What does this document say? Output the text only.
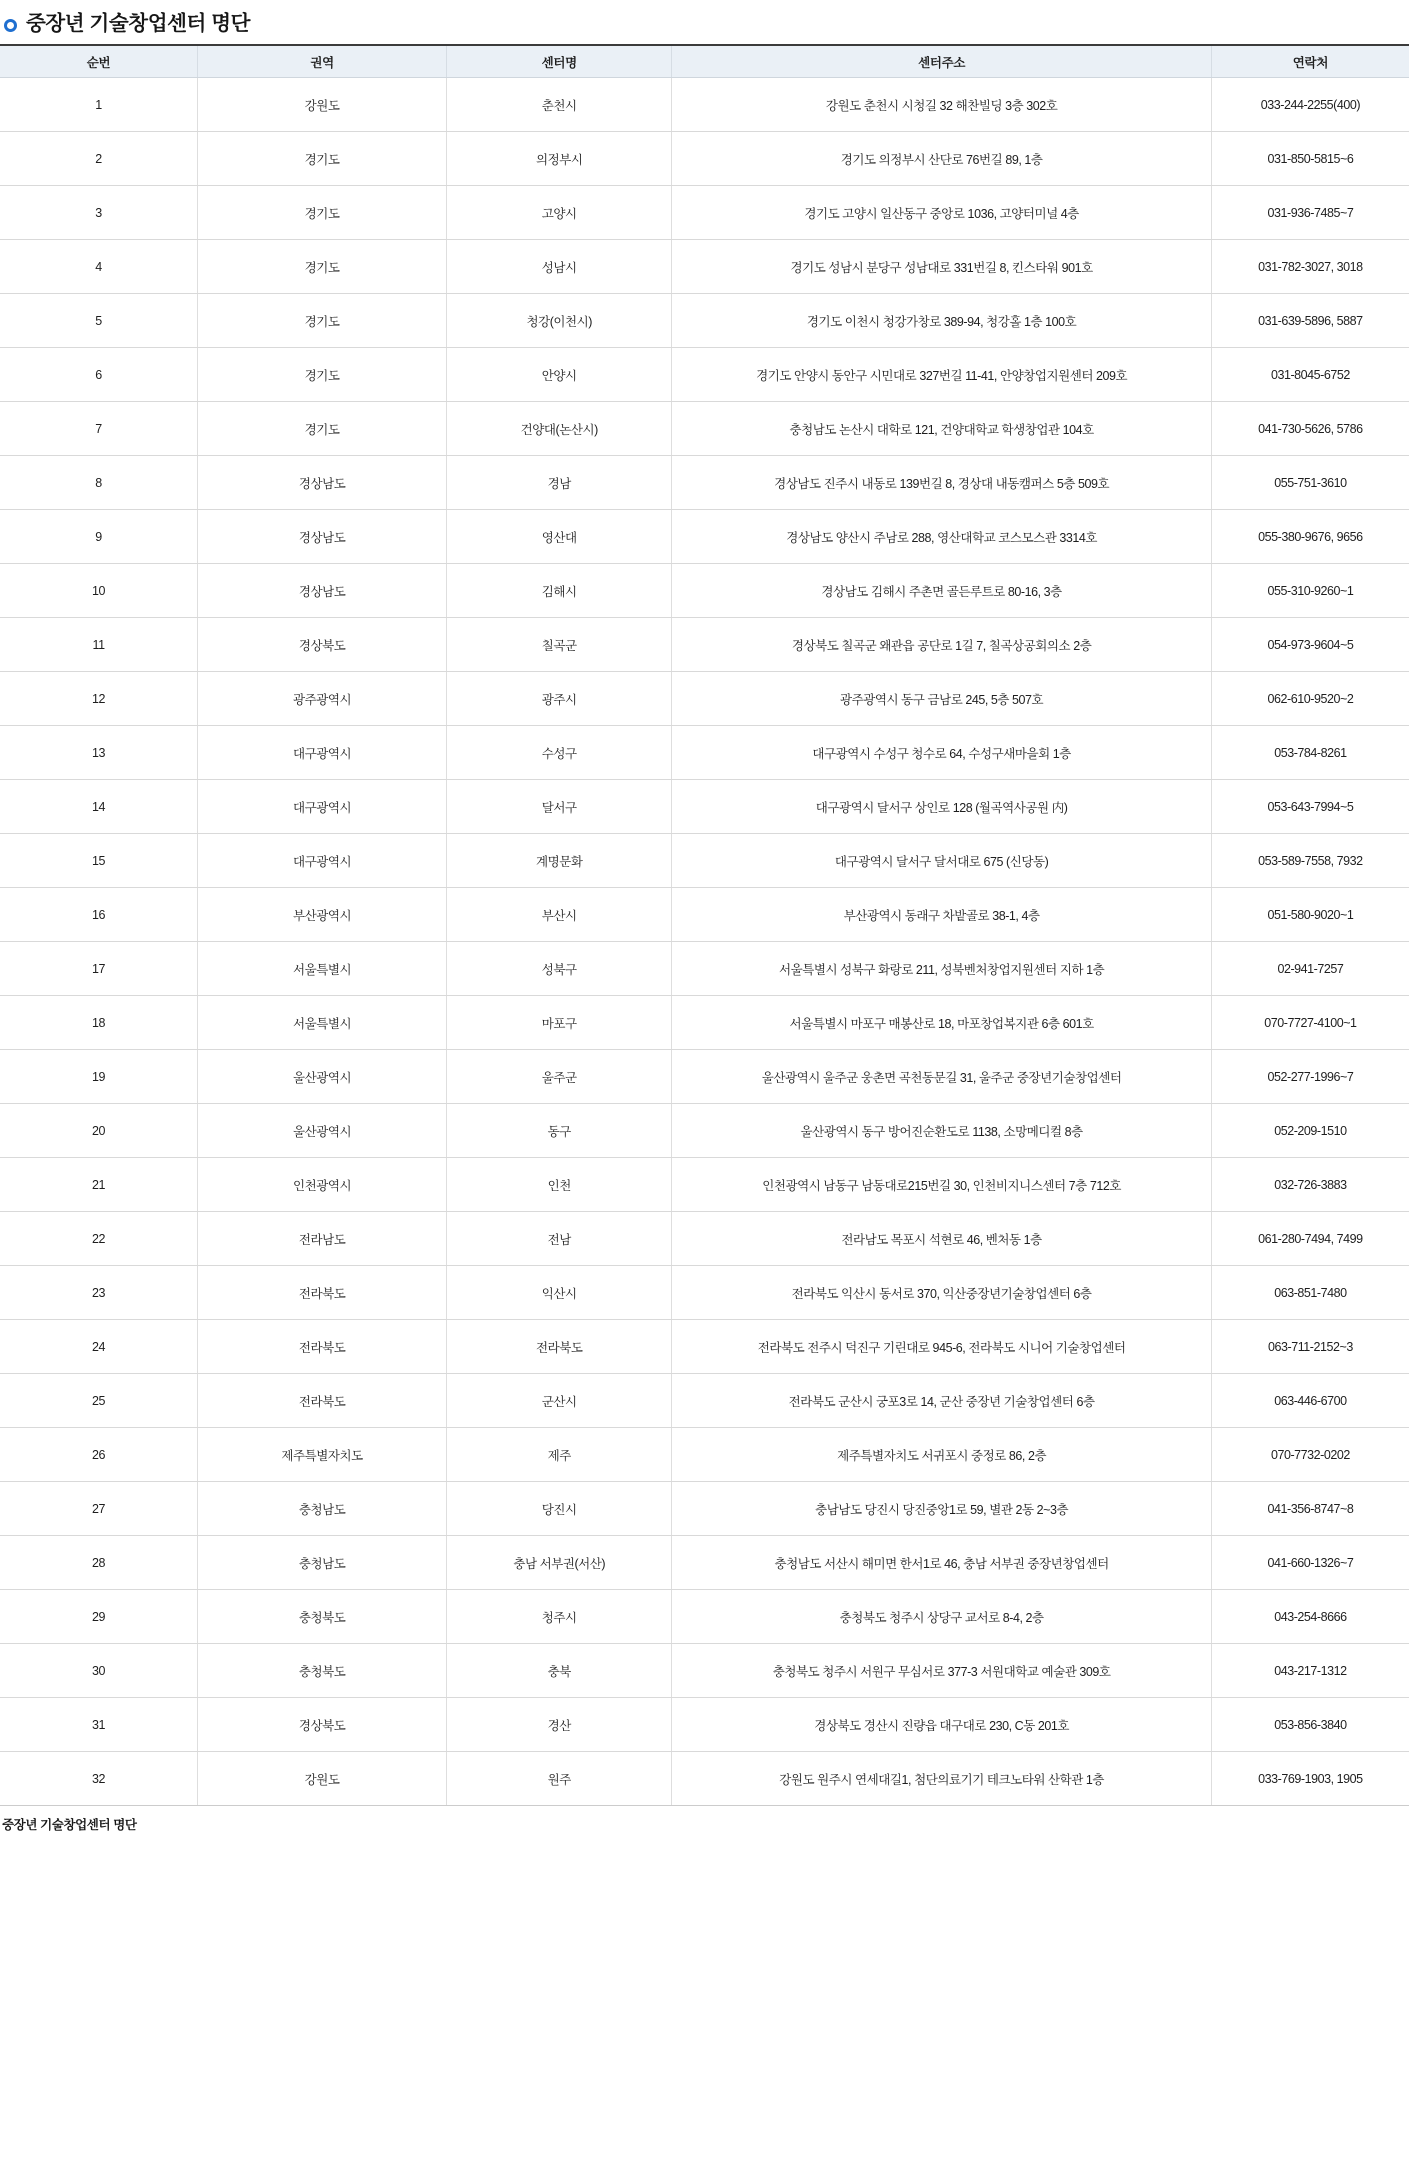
중장년 기술창업센터 명단
순번	권역	센터명	센터주소	연락처
1	강원도	춘천시	강원도 춘천시 시청길 32 해찬빌딩 3층 302호	033-244-2255(400)
2	경기도	의정부시	경기도 의정부시 산단로 76번길 89, 1층	031-850-5815~6
3	경기도	고양시	경기도 고양시 일산동구 중앙로 1036, 고양터미널 4층	031-936-7485~7
4	경기도	성남시	경기도 성남시 분당구 성남대로 331번길 8, 킨스타워 901호	031-782-3027, 3018
5	경기도	청강(이천시)	경기도 이천시 청강가창로 389-94, 청강홀 1층 100호	031-639-5896, 5887
6	경기도	안양시	경기도 안양시 동안구 시민대로 327번길 11-41, 안양창업지원센터 209호	031-8045-6752
7	경기도	건양대(논산시)	충청남도 논산시 대학로 121, 건양대학교 학생창업관 104호	041-730-5626, 5786
8	경상남도	경남	경상남도 진주시 내동로 139번길 8, 경상대 내동캠퍼스 5층 509호	055-751-3610
9	경상남도	영산대	경상남도 양산시 주남로 288, 영산대학교 코스모스관 3314호	055-380-9676, 9656
10	경상남도	김해시	경상남도 김해시 주촌면 골든루트로 80-16, 3층	055-310-9260~1
11	경상북도	칠곡군	경상북도 칠곡군 왜관읍 공단로 1길 7, 칠곡상공회의소 2층	054-973-9604~5
12	광주광역시	광주시	광주광역시 동구 금남로 245, 5층 507호	062-610-9520~2
13	대구광역시	수성구	대구광역시 수성구 청수로 64, 수성구새마을회 1층	053-784-8261
14	대구광역시	달서구	대구광역시 달서구 상인로 128 (월곡역사공원 内)	053-643-7994~5
15	대구광역시	계명문화	대구광역시 달서구 달서대로 675 (신당동)	053-589-7558, 7932
16	부산광역시	부산시	부산광역시 동래구 차밭골로 38-1, 4층	051-580-9020~1
17	서울특별시	성북구	서울특별시 성북구 화랑로 211, 성북벤처창업지원센터 지하 1층	02-941-7257
18	서울특별시	마포구	서울특별시 마포구 매봉산로 18, 마포창업복지관 6층 601호	070-7727-4100~1
19	울산광역시	울주군	울산광역시 울주군 웅촌면 곡천동문길 31, 울주군 중장년기술창업센터	052-277-1996~7
20	울산광역시	동구	울산광역시 동구 방어진순환도로 1138, 소망메디컬 8층	052-209-1510
21	인천광역시	인천	인천광역시 남동구 남동대로215번길 30, 인천비지니스센터 7층 712호	032-726-3883
22	전라남도	전남	전라남도 목포시 석현로 46, 벤처동 1층	061-280-7494, 7499
23	전라북도	익산시	전라북도 익산시 동서로 370, 익산중장년기술창업센터 6층	063-851-7480
24	전라북도	전라북도	전라북도 전주시 덕진구 기린대로 945-6, 전라북도 시니어 기술창업센터	063-711-2152~3
25	전라북도	군산시	전라북도 군산시 궁포3로 14, 군산 중장년 기술창업센터 6층	063-446-6700
26	제주특별자치도	제주	제주특별자치도 서귀포시 중정로 86, 2층	070-7732-0202
27	충청남도	당진시	충남남도 당진시 당진중앙1로 59, 별관 2동 2~3층	041-356-8747~8
28	충청남도	충남 서부권(서산)	충청남도 서산시 해미면 한서1로 46, 충남 서부권 중장년창업센터	041-660-1326~7
29	충청북도	청주시	충청북도 청주시 상당구 교서로 8-4, 2층	043-254-8666
30	충청북도	충북	충청북도 청주시 서원구 무심서로 377-3 서원대학교 예술관 309호	043-217-1312
31	경상북도	경산	경상북도 경산시 진량읍 대구대로 230, C동 201호	053-856-3840
32	강원도	원주	강원도 원주시 연세대길1, 첨단의료기기 테크노타워 산학관 1층	033-769-1903, 1905
중장년 기술창업센터 명단
